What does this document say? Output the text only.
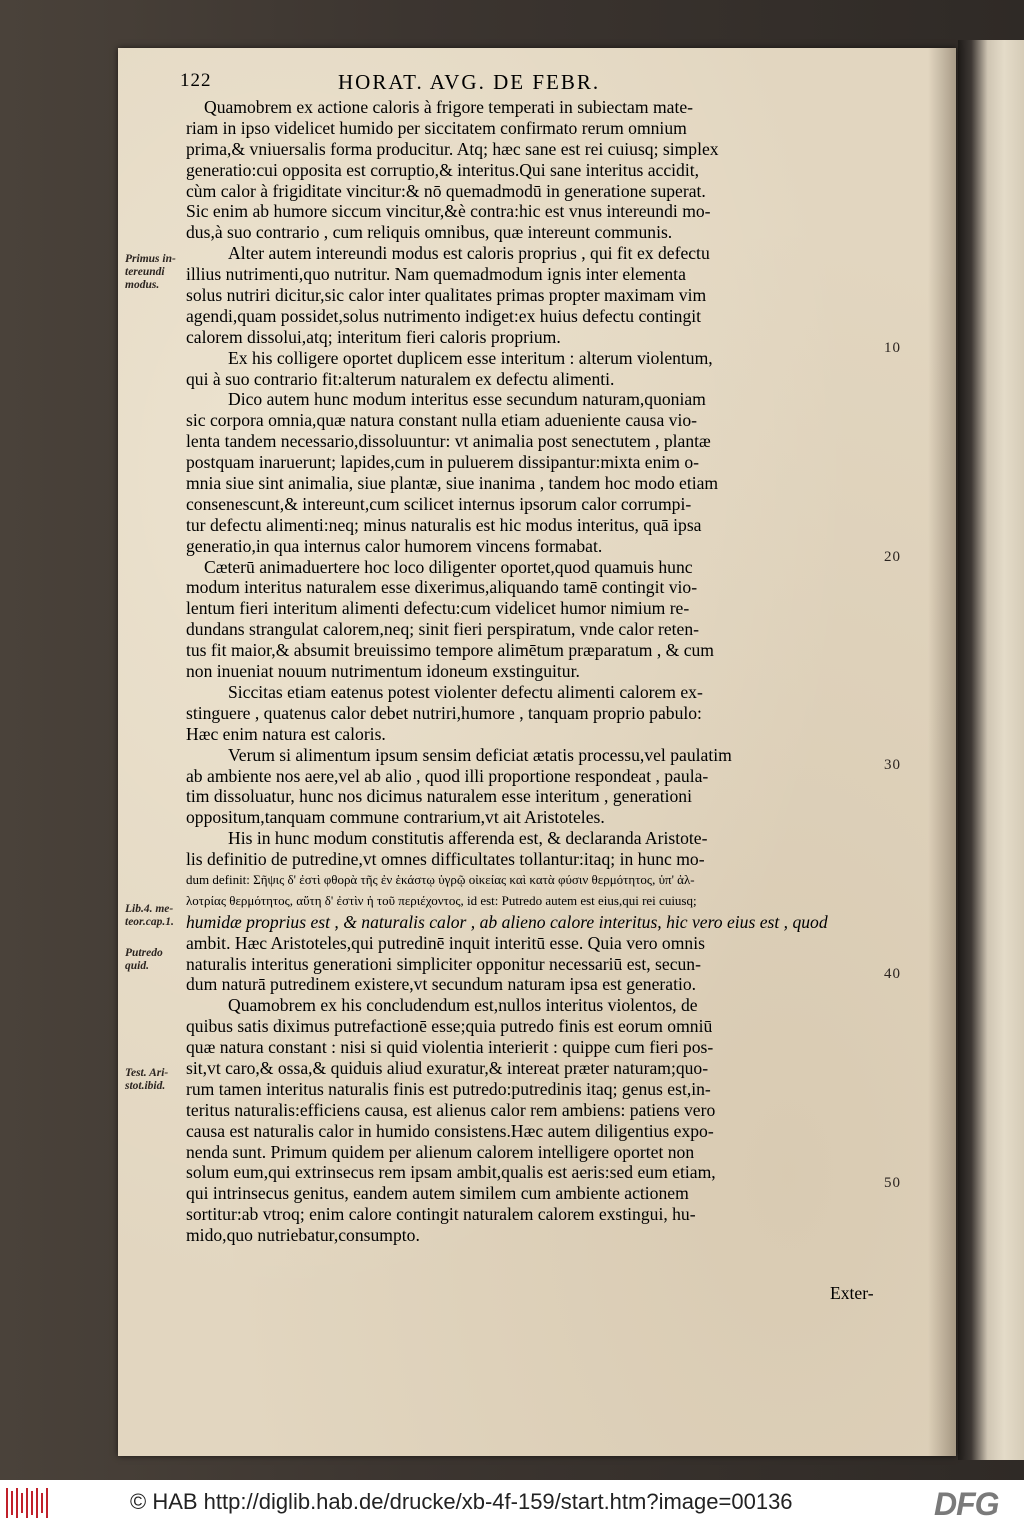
122	HORAT. AVG. DE FEBR.
Quamobrem ex actione caloris à frigore temperati in subiectam mate-
riam in ipso videlicet humido per siccitatem confirmato rerum omnium
prima,& vniuersalis forma producitur. Atq; hæc sane est rei cuiusq; simplex
generatio:cui opposita est corruptio,& interitus.Qui sane interitus accidit,
cùm calor à frigiditate vincitur:& nō quemadmodū in generatione superat.
Sic enim ab humore siccum vincitur,&è contra:hic est vnus intereundi mo-
dus,à suo contrario , cum reliquis omnibus, quæ intereunt communis.
Alter autem intereundi modus est caloris proprius , qui fit ex defectu
illius nutrimenti,quo nutritur. Nam quemadmodum ignis inter elementa
solus nutriri dicitur,sic calor inter qualitates primas propter maximam vim
agendi,quam possidet,solus nutrimento indiget:ex huius defectu contingit
calorem dissolui,atq; interitum fieri caloris proprium.
Ex his colligere oportet duplicem esse interitum : alterum violentum,
qui à suo contrario fit:alterum naturalem ex defectu alimenti.
Dico autem hunc modum interitus esse secundum naturam,quoniam
sic corpora omnia,quæ natura constant nulla etiam adueniente causa vio-
lenta tandem necessario,dissoluuntur: vt animalia post senectutem , plantæ
postquam inaruerunt; lapides,cum in puluerem dissipantur:mixta enim o-
mnia siue sint animalia, siue plantæ, siue inanima , tandem hoc modo etiam
consenescunt,& intereunt,cum scilicet internus ipsorum calor corrumpi-
tur defectu alimenti:neq; minus naturalis est hic modus interitus, quā ipsa
generatio,in qua internus calor humorem vincens formabat.
Cæterū animaduertere hoc loco diligenter oportet,quod quamuis hunc
modum interitus naturalem esse dixerimus,aliquando tamē contingit vio-
lentum fieri interitum alimenti defectu:cum videlicet humor nimium re-
dundans strangulat calorem,neq; sinit fieri perspiratum, vnde calor reten-
tus fit maior,& absumit breuissimo tempore alimētum præparatum , & cum
non inueniat nouum nutrimentum idoneum exstinguitur.
Siccitas etiam eatenus potest violenter defectu alimenti calorem ex-
stinguere , quatenus calor debet nutriri,humore , tanquam proprio pabulo:
Hæc enim natura est caloris.
Verum si alimentum ipsum sensim deficiat ætatis processu,vel paulatim
ab ambiente nos aere,vel ab alio , quod illi proportione respondeat , paula-
tim dissoluatur, hunc nos dicimus naturalem esse interitum , generationi
oppositum,tanquam commune contrarium,vt ait Aristoteles.
His in hunc modum constitutis afferenda est, & declaranda Aristote-
lis definitio de putredine,vt omnes difficultates tollantur:itaq; in hunc mo-
dum definit: Σῆψις δ' ἐστὶ φθορὰ τῆς ἐν ἑκάστῳ ὑγρῷ οἰκείας καὶ κατὰ φύσιν θερμότητος, ὑπ' ἀλ-
λοτρίας θερμότητος, αὕτη δ' ἐστὶν ἡ τοῦ περιέχοντος, id est: Putredo autem est eius,qui rei cuiusq;
humidæ proprius est , & naturalis calor , ab alieno calore interitus, hic vero eius est , quod
ambit. Hæc Aristoteles,qui putredinē inquit interitū esse. Quia vero omnis
naturalis interitus generationi simpliciter opponitur necessariū est, secun-
dum naturā putredinem existere,vt secundum naturam ipsa est generatio.
Quamobrem ex his concludendum est,nullos interitus violentos, de
quibus satis diximus putrefactionē esse;quia putredo finis est eorum omniū
quæ natura constant : nisi si quid violentia interierit : quippe cum fieri pos-
sit,vt caro,& ossa,& quiduis aliud exuratur,& intereat præter naturam;quo-
rum tamen interitus naturalis finis est putredo:putredinis itaq; genus est,in-
teritus naturalis:efficiens causa, est alienus calor rem ambiens: patiens vero
causa est naturalis calor in humido consistens.Hæc autem diligentius expo-
nenda sunt. Primum quidem per alienum calorem intelligere oportet non
solum eum,qui extrinsecus rem ipsam ambit,qualis est aeris:sed eum etiam,
qui intrinsecus genitus, eandem autem similem cum ambiente actionem
sortitur:ab vtroq; enim calore contingit naturalem calorem exstingui, hu-
mido,quo nutriebatur,consumpto.
Primus in-
tereundi
modus.
Lib.4. me-
teor.cap.1.
Putredo
quid.
Test. Ari-
stot.ibid.
10
20
30
40
50
Exter-
© HAB http://diglib.hab.de/drucke/xb-4f-159/start.htm?image=00136	DFG
